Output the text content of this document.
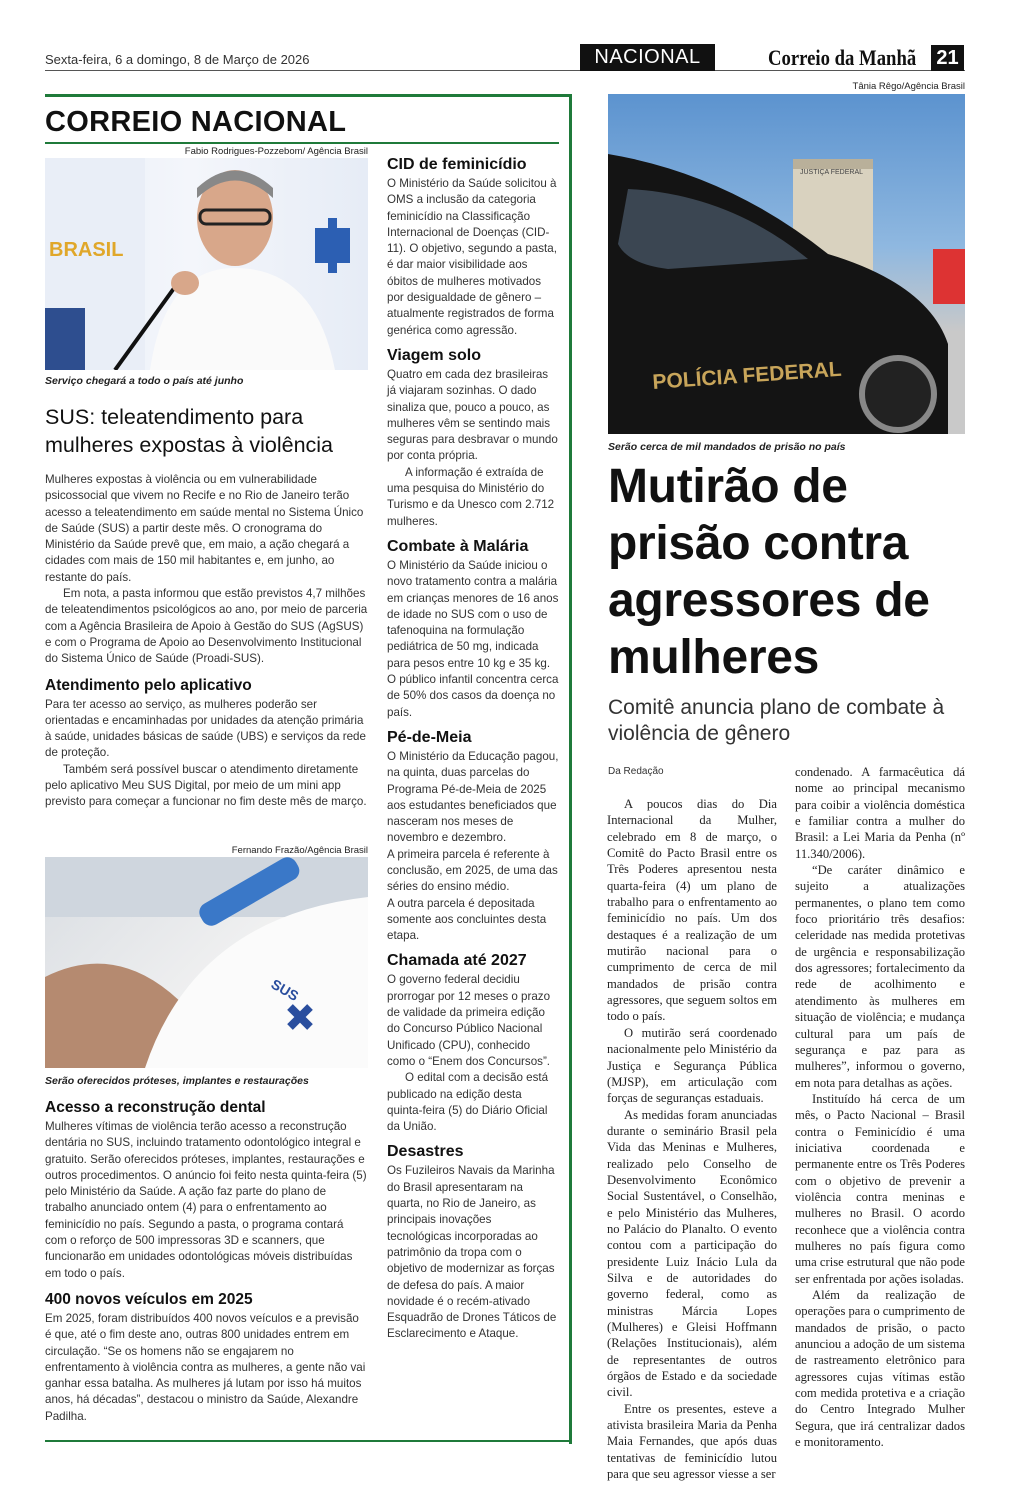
Sexta-feira, 6 a domingo, 8 de Março de 2026	NACIONAL	Correio da Manhã 21
CORREIO NACIONAL
Fabio Rodrigues-Pozzebom/ Agência Brasil
BRASIL
Serviço chegará a todo o país até junho
SUS: teleatendimento para mulheres expostas à violência

Mulheres expostas à violência ou em vulnerabilidade psicossocial que vivem no Recife e no Rio de Janeiro terão acesso a teleatendimento em saúde mental no Sistema Único de Saúde (SUS) a partir deste mês. O cronograma do Ministério da Saúde prevê que, em maio, a ação chegará a cidades com mais de 150 mil habitantes e, em junho, ao restante do país.

Em nota, a pasta informou que estão previstos 4,7 milhões de teleatendimentos psicológicos ao ano, por meio de parceria com a Agência Brasileira de Apoio à Gestão do SUS (AgSUS) e com o Programa de Apoio ao Desenvolvimento Institucional do Sistema Único de Saúde (Proadi-SUS).

Atendimento pelo aplicativo

Para ter acesso ao serviço, as mulheres poderão ser orientadas e encaminhadas por unidades da atenção primária à saúde, unidades básicas de saúde (UBS) e serviços da rede de proteção.

Também será possível buscar o atendimento diretamente pelo aplicativo Meu SUS Digital, por meio de um mini app previsto para começar a funcionar no fim deste mês de março.

Fernando Frazão/Agência Brasil
SUS
Serão oferecidos próteses, implantes e restaurações
Acesso a reconstrução dental

Mulheres vítimas de violência terão acesso a reconstrução dentária no SUS, incluindo tratamento odontológico integral e gratuito. Serão oferecidos próteses, implantes, restaurações e outros procedimentos. O anúncio foi feito nesta quinta-feira (5) pelo Ministério da Saúde. A ação faz parte do plano de trabalho anunciado ontem (4) para o enfrentamento ao feminicídio no país. Segundo a pasta, o programa contará com o reforço de 500 impressoras 3D e scanners, que funcionarão em unidades odontológicas móveis distribuídas em todo o país.

400 novos veículos em 2025

Em 2025, foram distribuídos 400 novos veículos e a previsão é que, até o fim deste ano, outras 800 unidades entrem em circulação. “Se os homens não se engajarem no enfrentamento à violência contra as mulheres, a gente não vai ganhar essa batalha. As mulheres já lutam por isso há muitos anos, há décadas”, destacou o ministro da Saúde, Alexandre Padilha.

CID de feminicídio

O Ministério da Saúde solicitou à OMS a inclusão da categoria feminicídio na Classificação Internacional de Doenças (CID-11). O objetivo, segundo a pasta, é dar maior visibilidade aos óbitos de mulheres motivados por desigualdade de gênero – atualmente registrados de forma genérica como agressão.

Viagem solo

Quatro em cada dez brasileiras já viajaram sozinhas. O dado sinaliza que, pouco a pouco, as mulheres vêm se sentindo mais seguras para desbravar o mundo por conta própria.

A informação é extraída de uma pesquisa do Ministério do Turismo e da Unesco com 2.712 mulheres.

Combate à Malária

O Ministério da Saúde iniciou o novo tratamento contra a malária em crianças menores de 16 anos de idade no SUS com o uso de tafenoquina na formulação pediátrica de 50 mg, indicada para pesos entre 10 kg e 35 kg.

O público infantil concentra cerca de 50% dos casos da doença no país.

Pé-de-Meia

O Ministério da Educação pagou, na quinta, duas parcelas do Programa Pé-de-Meia de 2025 aos estudantes beneficiados que nasceram nos meses de novembro e dezembro.

A primeira parcela é referente à conclusão, em 2025, de uma das séries do ensino médio.

A outra parcela é depositada somente aos concluintes desta etapa.

Chamada até 2027

O governo federal decidiu prorrogar por 12 meses o prazo de validade da primeira edição do Concurso Público Nacional Unificado (CPU), conhecido como o “Enem dos Concursos”.

O edital com a decisão está publicado na edição desta quinta-feira (5) do Diário Oficial da União.

Desastres

Os Fuzileiros Navais da Marinha do Brasil apresentaram na quarta, no Rio de Janeiro, as principais inovações tecnológicas incorporadas ao patrimônio da tropa com o objetivo de modernizar as forças de defesa do país. A maior novidade é o recém-ativado Esquadrão de Drones Táticos de Esclarecimento e Ataque.

Tânia Rêgo/Agência Brasil
JUSTIÇA FEDERAL
POLÍCIA FEDERAL
Serão cerca de mil mandados de prisão no país
Mutirão de prisão contra agressores de mulheres
Comitê anuncia plano de combate à violência de gênero
Da Redação

A poucos dias do Dia Internacional da Mulher, celebrado em 8 de março, o Comitê do Pacto Brasil entre os Três Poderes apresentou nesta quarta-feira (4) um plano de trabalho para o enfrentamento ao feminicídio no país. Um dos destaques é a realização de um mutirão nacional para o cumprimento de cerca de mil mandados de prisão contra agressores, que seguem soltos em todo o país.

O mutirão será coordenado nacionalmente pelo Ministério da Justiça e Segurança Pública (MJSP), em articulação com forças de seguranças estaduais.

As medidas foram anunciadas durante o seminário Brasil pela Vida das Meninas e Mulheres, realizado pelo Conselho de Desenvolvimento Econômico Social Sustentável, o Conselhão, e pelo Ministério das Mulheres, no Palácio do Planalto. O evento contou com a participação do presidente Luiz Inácio Lula da Silva e de autoridades do governo federal, como as ministras Márcia Lopes (Mulheres) e Gleisi Hoffmann (Relações Institucionais), além de representantes de outros órgãos de Estado e da sociedade civil.

Entre os presentes, esteve a ativista brasileira Maria da Penha Maia Fernandes, que após duas tentativas de feminicídio lutou para que seu agressor viesse a ser

condenado. A farmacêutica dá nome ao principal mecanismo para coibir a violência doméstica e familiar contra a mulher do Brasil: a Lei Maria da Penha (nº 11.340/2006).

“De caráter dinâmico e sujeito a atualizações permanentes, o plano tem como foco prioritário três desafios: celeridade nas medida protetivas de urgência e responsabilização dos agressores; fortalecimento da rede de acolhimento e atendimento às mulheres em situação de violência; e mudança cultural para um país de segurança e paz para as mulheres”, informou o governo, em nota para detalhas as ações.

Instituído há cerca de um mês, o Pacto Nacional – Brasil contra o Feminicídio é uma iniciativa coordenada e permanente entre os Três Poderes com o objetivo de prevenir a violência contra meninas e mulheres no Brasil. O acordo reconhece que a violência contra mulheres no país figura como uma crise estrutural que não pode ser enfrentada por ações isoladas.

Além da realização de operações para o cumprimento de mandados de prisão, o pacto anunciou a adoção de um sistema de rastreamento eletrônico para agressores cujas vítimas estão com medida protetiva e a criação do Centro Integrado Mulher Segura, que irá centralizar dados e monitoramento.
